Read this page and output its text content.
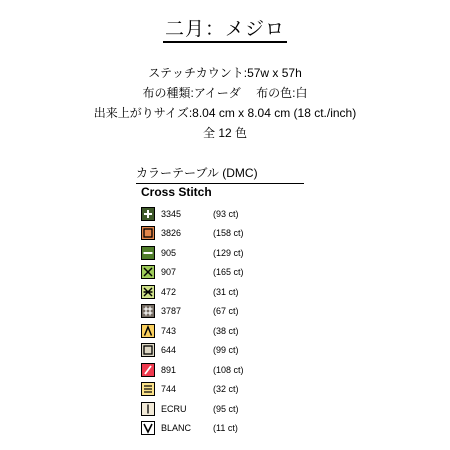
二月：メジロ
ステッチカウント:57w x 57h
布の種類:アイーダ　 布の色:白
出来上がりサイズ:8.04 cm x 8.04 cm (18 ct./inch)
全 12 色
カラーテーブル (DMC)
Cross Stitch
3345	(93 ct)
3826	(158 ct)
905	(129 ct)
907	(165 ct)
472	(31 ct)
3787	(67 ct)
743	(38 ct)
644	(99 ct)
891	(108 ct)
744	(32 ct)
ECRU	(95 ct)
BLANC	(11 ct)
